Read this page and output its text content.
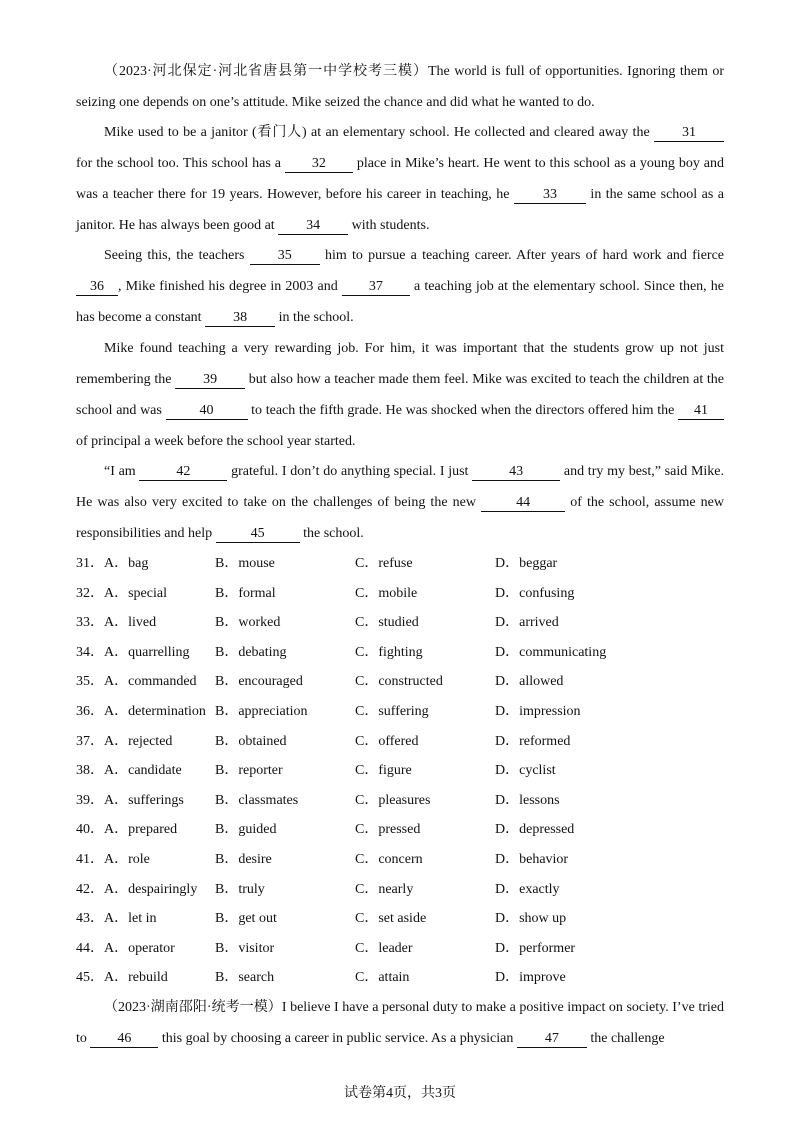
（2023·河北保定·河北省唐县第一中学校考三模）The world is full of opportunities. Ignoring them or seizing one depends on one’s attitude. Mike seized the chance and did what he wanted to do.
Mike used to be a janitor (看门人) at an elementary school. He collected and cleared away the 31 for the school too. This school has a 32 place in Mike’s heart. He went to this school as a young boy and was a teacher there for 19 years. However, before his career in teaching, he 33 in the same school as a janitor. He has always been good at 34 with students.
Seeing this, the teachers 35 him to pursue a teaching career. After years of hard work and fierce 36 , Mike finished his degree in 2003 and 37 a teaching job at the elementary school. Since then, he has become a constant 38 in the school.
Mike found teaching a very rewarding job. For him, it was important that the students grow up not just remembering the 39 but also how a teacher made them feel. Mike was excited to teach the children at the school and was 40 to teach the fifth grade. He was shocked when the directors offered him the 41 of principal a week before the school year started.
“I am	42	grateful. I don’t do anything special. I just	43	and try my best,” said Mike. He was also very excited to take on the challenges of being the new	44	of the school, assume new responsibilities and help	45	the school.
31． A．bag	B．mouse	C．refuse	D．beggar
32． A．special	B．formal	C．mobile	D．confusing
33． A．lived	B．worked	C．studied	D．arrived
34． A．quarrelling B．debating	C．fighting	D．communicating
35． A．commanded B．encouraged	C．constructed	D．allowed
36． A．determination B．appreciation	C．suffering	D．impression
37． A．rejected	B．obtained	C．offered	D．reformed
38． A．candidate B．reporter	C．figure	D．cyclist
39． A．sufferings B．classmates	C．pleasures	D．lessons
40． A．prepared	B．guided	C．pressed	D．depressed
41． A．role	B．desire	C．concern	D．behavior
42． A．despairingly B．truly	C．nearly	D．exactly
43． A．let in	B．get out	C．set aside	D．show up
44． A．operator	B．visitor	C．leader	D．performer
45． A．rebuild	B．search	C．attain	D．improve
（2023·湖南邵阳·统考一模）I believe I have a personal duty to make a positive impact on society. I’ve tried to 46 this goal by choosing a career in public service. As a physician 47 the challenge
试卷第4页，共3页
